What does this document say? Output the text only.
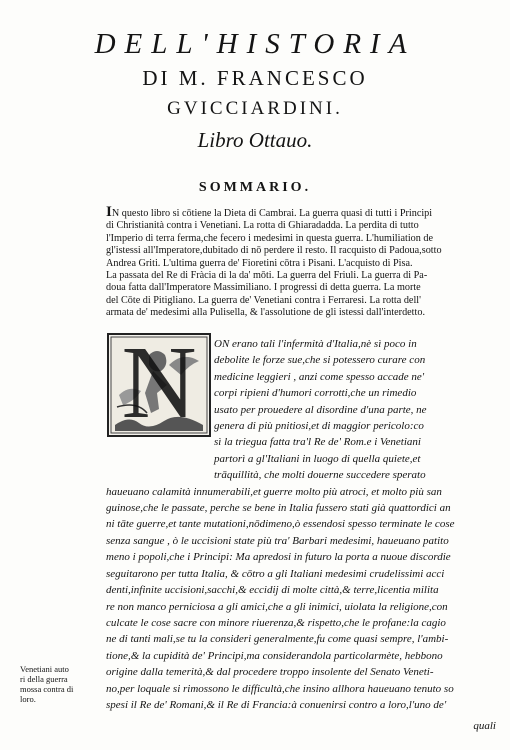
DELL'HISTORIA
DI M. FRANCESCO
GVICCIARDINI.
Libro Ottauo.
SOMMARIO.
IN questo libro si cōtiene la Dieta di Cambrai. La guerra quasi di tutti i Principi
di Christianità contra i Venetiani. La rotta di Ghiaradadda. La perdita di tutto
l'Imperio di terra ferma,che fecero i medesimi in questa guerra. L'humiliation de
gl'istessi all'Imperatore,dubitado di nō perdere il resto. Il racquisto di Padoua,sotto
Andrea Griti. L'ultima guerra de' Fioretini cōtra i Pisani. L'acquisto di Pisa.
La passata del Re di Fràcia di la da' mōti. La guerra del Friuli. La guerra di Pa-
doua fatta dall'Imperatore Massimiliano. I progressi di detta guerra. La morte
del Cōte di Pitigliano. La guerra de' Venetiani contra i Ferraresi. La rotta dell'
armata de' medesimi alla Pulisella, & l'assolutione de gli istessi dall'interdetto.
N	ON erano tali l'infermità d'Italia,nè sì poco in
debolite le forze sue,che si potessero curare con
medicine leggieri , anzi come spesso accade ne'
corpi ripieni d'humori corrotti,che un rimedio
usato per prouedere al disordine d'una parte, ne
genera di più pnitiosi,et di maggior pericolo:co
sì la triegua fatta tra'l Re de' Rom.e i Venetiani
partorì a gl'Italiani in luogo di quella quiete,et
trāquillità, che molti douerne succedere sperato
haueuano calamità innumerabili,et guerre molto più atroci, et molto più san
guinose,che le passate, perche se bene in Italia fussero stati già quattordici an
ni tāte guerre,et tante mutationi,nōdimeno,ò essendosi spesso terminate le cose
senza sangue , ò le uccisioni state più tra' Barbari medesimi, haueuano patito
meno i popoli,che i Principi: Ma apredosi in futuro la porta a nuoue discordie
seguitarono per tutta Italia, & cōtro a gli Italiani medesimi crudelissimi acci
denti,infinite uccisioni,sacchi,& eccidij di molte città,& terre,licentia milita
re non manco perniciosa a gli amici,che a gli inimici, uiolata la religione,con
culcate le cose sacre con minore riuerenza,& rispetto,che le profane:la cagio
ne di tanti mali,se tu la consideri generalmente,fu come quasi sempre, l'ambi-
tione,& la cupidità de' Principi,ma considerandola particolarmète, hebbono
origine dalla temerità,& dal procedere troppo insolente del Senato Veneti-
no,per loquale si rimossono le difficultà,che insino allhora haueuano tenuto so
spesi il Re de' Romani,& il Re di Francia:à conuenirsi contro a loro,l'uno de'
Venetiani auto
ri della guerra
mossa contra di
loro.
quali
